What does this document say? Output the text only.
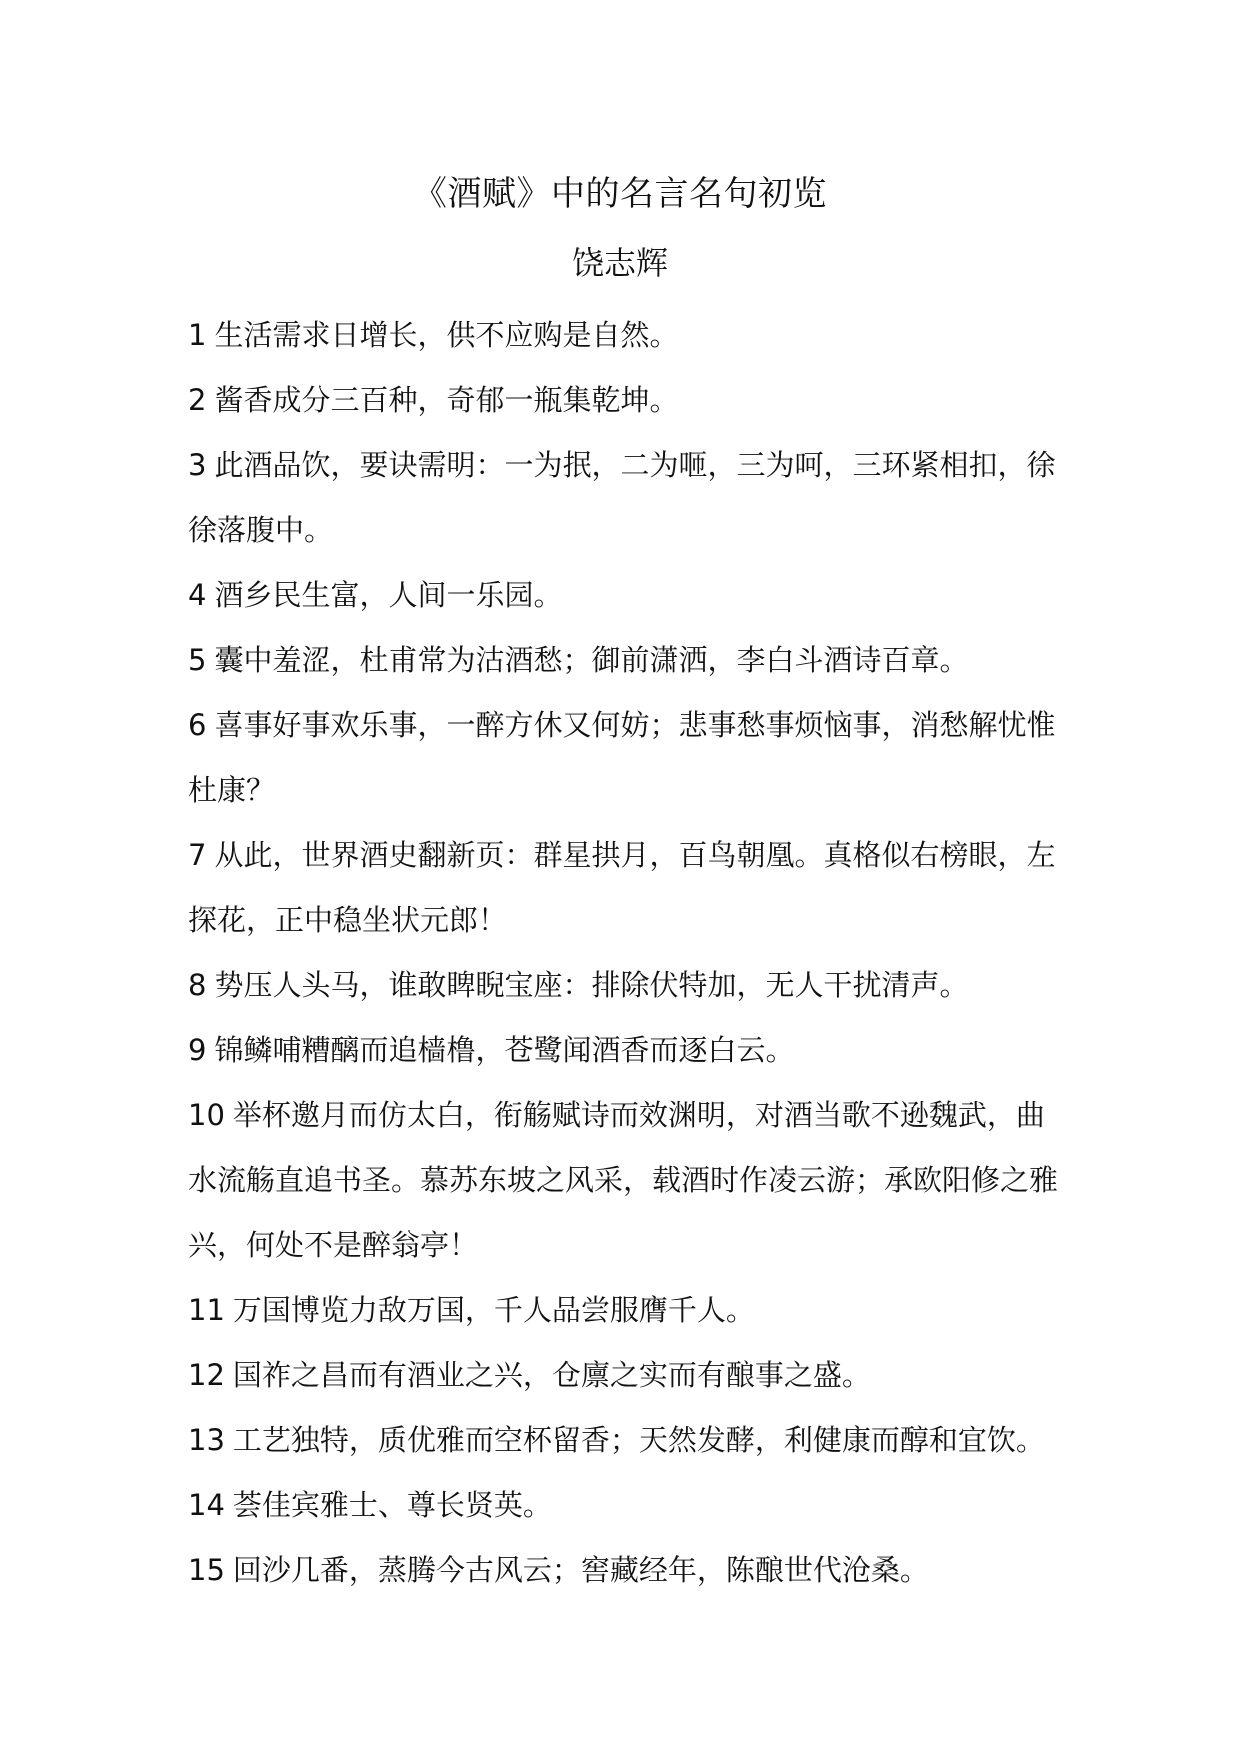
《酒赋》中的名言名句初览
饶志辉

1 生活需求日增长，供不应购是自然。

2 酱香成分三百种，奇郁一瓶集乾坤。

3 此酒品饮，要诀需明：一为抿，二为咂，三为呵，三环紧相扣，徐徐落腹中。

4 酒乡民生富，人间一乐园。

5 囊中羞涩，杜甫常为沽酒愁；御前潇洒，李白斗酒诗百章。

6 喜事好事欢乐事，一醉方休又何妨；悲事愁事烦恼事，消愁解忧惟杜康？

7 从此，世界酒史翻新页：群星拱月，百鸟朝凰。真格似右榜眼，左探花，正中稳坐状元郎！

8 势压人头马，谁敢睥睨宝座：排除伏特加，无人干扰清声。

9 锦鳞哺糟醨而追樯橹，苍鹭闻酒香而逐白云。

10 举杯邀月而仿太白，衔觞赋诗而效渊明，对酒当歌不逊魏武，曲水流觞直追书圣。慕苏东坡之风采，载酒时作凌云游；承欧阳修之雅兴，何处不是醉翁亭！

11 万国博览力敌万国，千人品尝服膺千人。

12 国祚之昌而有酒业之兴，仓廪之实而有酿事之盛。

13 工艺独特，质优雅而空杯留香；天然发酵，利健康而醇和宜饮。

14 荟佳宾雅士、尊长贤英。

15 回沙几番，蒸腾今古风云；窖藏经年，陈酿世代沧桑。
